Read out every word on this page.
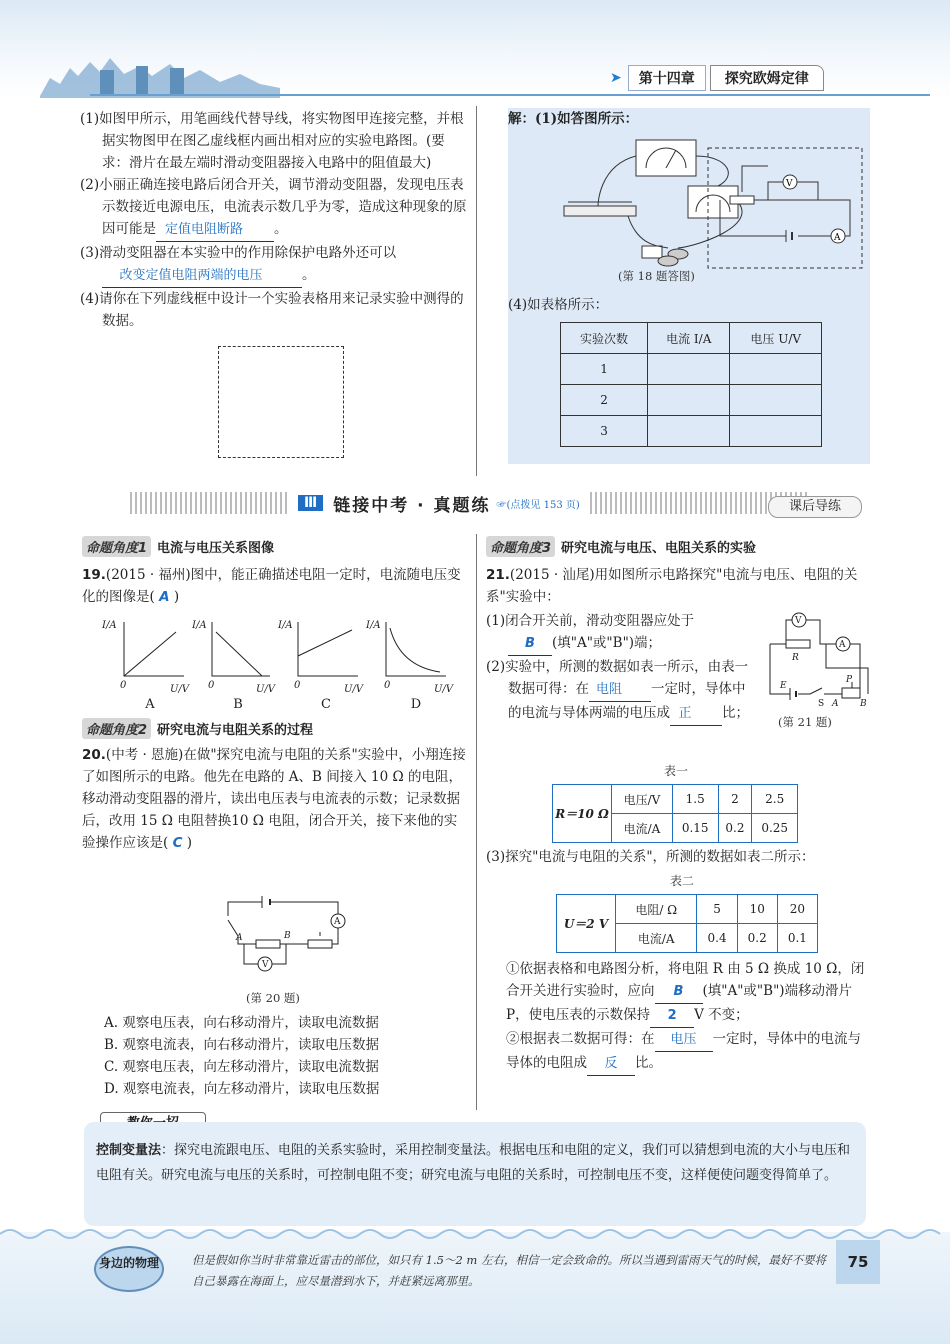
➤	第十四章	探究欧姆定律
(1)如图甲所示，用笔画线代替导线，将实物图甲连接完整，并根据实物图甲在图乙虚线框内画出相对应的实验电路图。(要求：滑片在最左端时滑动变阻器接入电路中的阻值最大)
(2)小丽正确连接电路后闭合开关，调节滑动变阻器，发现电压表示数接近电源电压，电流表示数几乎为零，造成这种现象的原因可能是 定值电阻断路 。
(3)滑动变阻器在本实验中的作用除保护电路外还可以改变定值电阻两端的电压	。
(4)请你在下列虚线框中设计一个实验表格用来记录实验中测得的数据。
解：(1)如答图所示：
V
A
(第 18 题答图)
(4)如表格所示：
实验次数	电流 I/A	电压 U/V
1		
2		
3		
Ⅲ 链接中考 · 真题练 ☞(点拨见 153 页)	课后导练
命题角度1 电流与电压关系图像
19.(2015 · 福州)图中，能正确描述电阻一定时，电流随电压变化的图像是( A )
I/A
U/V
0
I/A
U/V
0
I/A
U/V
0
I/A
U/V
0
A	B	C	D
命题角度2 研究电流与电阻关系的过程
20.(中考 · 恩施)在做"探究电流与电阻的关系"实验中，小翔连接了如图所示的电路。他先在电路的 A、B 间接入 10 Ω 的电阻，移动滑动变阻器的滑片，读出电压表与电流表的示数；记录数据后，改用 15 Ω 电阻替换10 Ω 电阻，闭合开关，接下来他的实验操作应该是( C )
A
V
A	B
(第 20 题)
A. 观察电压表，向右移动滑片，读取电流数据
B. 观察电流表，向右移动滑片，读取电压数据
C. 观察电压表，向左移动滑片，读取电流数据
D. 观察电流表，向左移动滑片，读取电压数据
命题角度3 研究电流与电压、电阻关系的实验
21.(2015 · 汕尾)用如图所示电路探究"电流与电压、电阻的关系"实验中：
(1)闭合开关前，滑动变阻器应处于
B (填"A"或"B")端；
(2)实验中，所测的数据如表一所示，由表一数据可得：在 电阻 一定时，导体中的电流与导体两端的电压成 正 比；
V
A
R
E
S A B
P
(第 21 题)
表一
R＝10 Ω	电压/V	1.5	2	2.5
	电流/A	0.15	0.2	0.25
(3)探究"电流与电阻的关系"，所测的数据如表二所示：
表二
U＝2 V	电阻/ Ω	5	10	20
	电流/A	0.4	0.2	0.1
①依据表格和电路图分析，将电阻 R 由 5 Ω 换成 10 Ω，闭合开关进行实验时，应向 B (填"A"或"B")端移动滑片 P，使电压表的示数保持 2 V 不变；
②根据表二数据可得：在 电压 一定时，导体中的电流与导体的电阻成 反 比。
控制变量法：探究电流跟电压、电阻的关系实验时，采用控制变量法。根据电压和电阻的定义，我们可以猜想到电流的大小与电压和电阻有关。研究电流与电压的关系时，可控制电阻不变；研究电流与电阻的关系时，可控制电压不变，这样便使问题变得简单了。
身边的物理	但是假如你当时非常靠近雷击的部位，如只有 1.5～2 m 左右，相信一定会致命的。所以当遇到雷雨天气的时候，最好不要将自己暴露在海面上，应尽量潜到水下，并赶紧远离那里。
75
